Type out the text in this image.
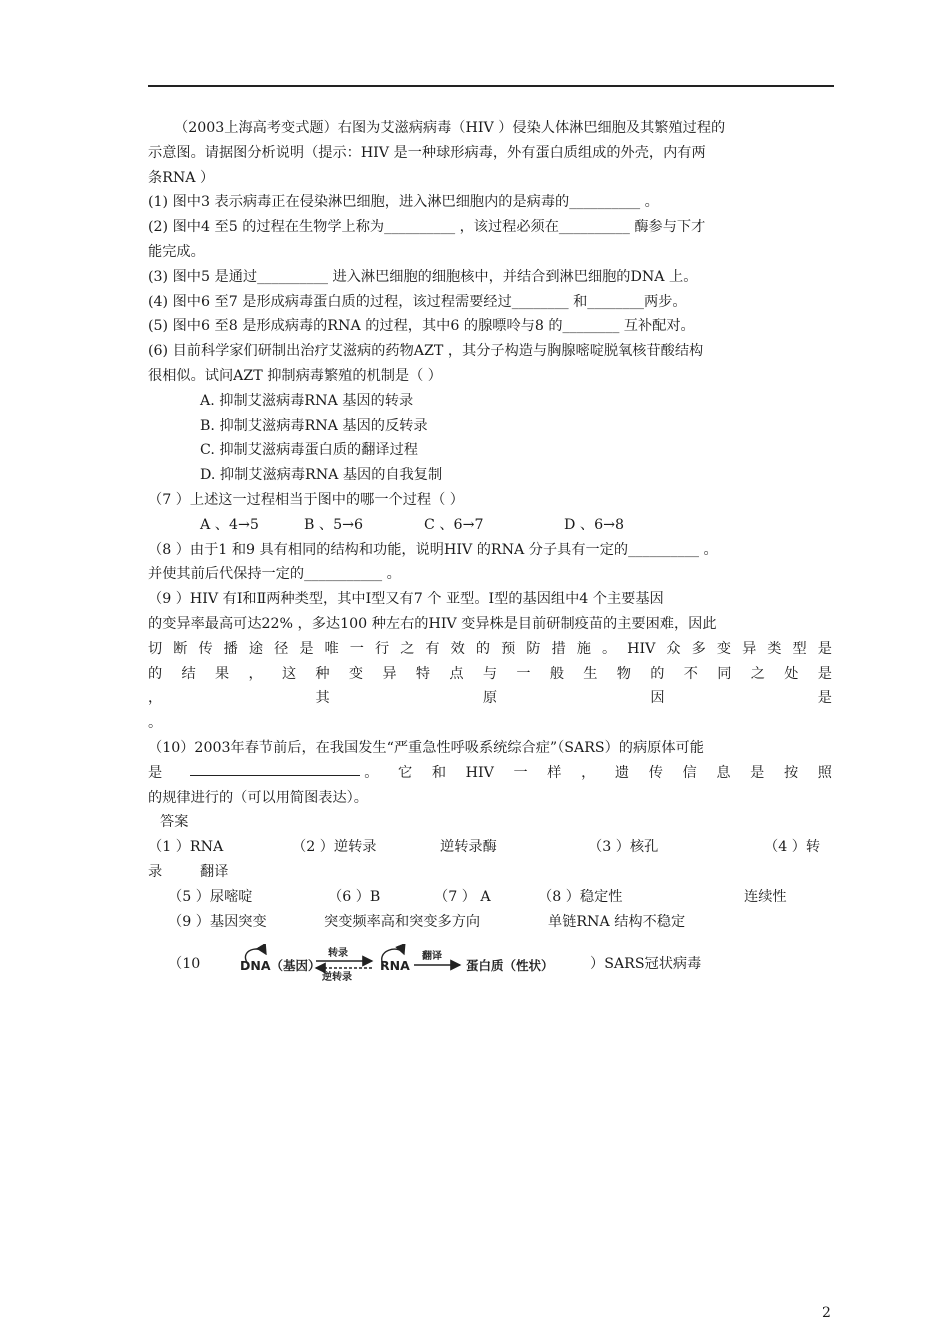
（2003上海高考变式题）右图为艾滋病病毒（HIV ）侵染人体淋巴细胞及其繁殖过程的

示意图。请据图分析说明（提示：HIV 是一种球形病毒，外有蛋白质组成的外壳，内有两

条RNA ）

(1) 图中3 表示病毒正在侵染淋巴细胞，进入淋巴细胞内的是病毒的__________ 。

(2) 图中4 至5 的过程在生物学上称为__________ ，该过程必须在__________ 酶参与下才

能完成。

(3) 图中5 是通过__________ 进入淋巴细胞的细胞核中，并结合到淋巴细胞的DNA 上。

(4) 图中6 至7 是形成病毒蛋白质的过程，该过程需要经过________ 和________两步。

(5) 图中6 至8 是形成病毒的RNA 的过程，其中6 的腺嘌呤与8 的________ 互补配对。

(6) 目前科学家们研制出治疗艾滋病的药物AZT ，其分子构造与胸腺嘧啶脱氧核苷酸结构

很相似。试问AZT 抑制病毒繁殖的机制是（ ）

A. 抑制艾滋病毒RNA 基因的转录

B. 抑制艾滋病毒RNA 基因的反转录

C. 抑制艾滋病毒蛋白质的翻译过程

D. 抑制艾滋病毒RNA 基因的自我复制

（7 ）上述这一过程相当于图中的哪一个过程（ ）

A 、4→5	B 、5→6	C 、6→7	D 、6→8

（8 ）由于1 和9 具有相同的结构和功能，说明HIV 的RNA 分子具有一定的__________ 。

并使其前后代保持一定的___________ 。

（9 ）HIV 有Ⅰ和Ⅱ两种类型，其中Ⅰ型又有7 个 亚型。Ⅰ型的基因组中4 个主要基因

的变异率最高可达22% ，多达100 种左右的HIV 变异株是目前研制疫苗的主要困难，因此

切 断 传 播 途 径 是 唯 一 行 之 有 效 的 预 防 措 施 。 HIV 众 多 变 异 类 型 是
的 结 果 ， 这 种 变 异 特 点 与 一 般 生 物 的 不 同 之 处 是
，	其	原	因	是

。

（10）2003年春节前后，在我国发生“严重急性呼吸系统综合症”（SARS）的病原体可能

是	。 它 和 HIV 一 样 ， 遗 传 信 息 是 按 照

的规律进行的（可以用简图表达）。

答案

（1 ）RNA	（2 ）逆转录	逆转录酶	（3 ）核孔	（4 ）转
录	翻译
（5 ）尿嘧啶	（6 ）B	（7 ） A	（8 ）稳定性	连续性
（9 ）基因突变	突变频率高和突变多方向	单链RNA 结构不稳定
（10	DNA（基因）
转录
逆转录
RNA
翻译
蛋白质（性状）	）SARS冠状病毒
2
